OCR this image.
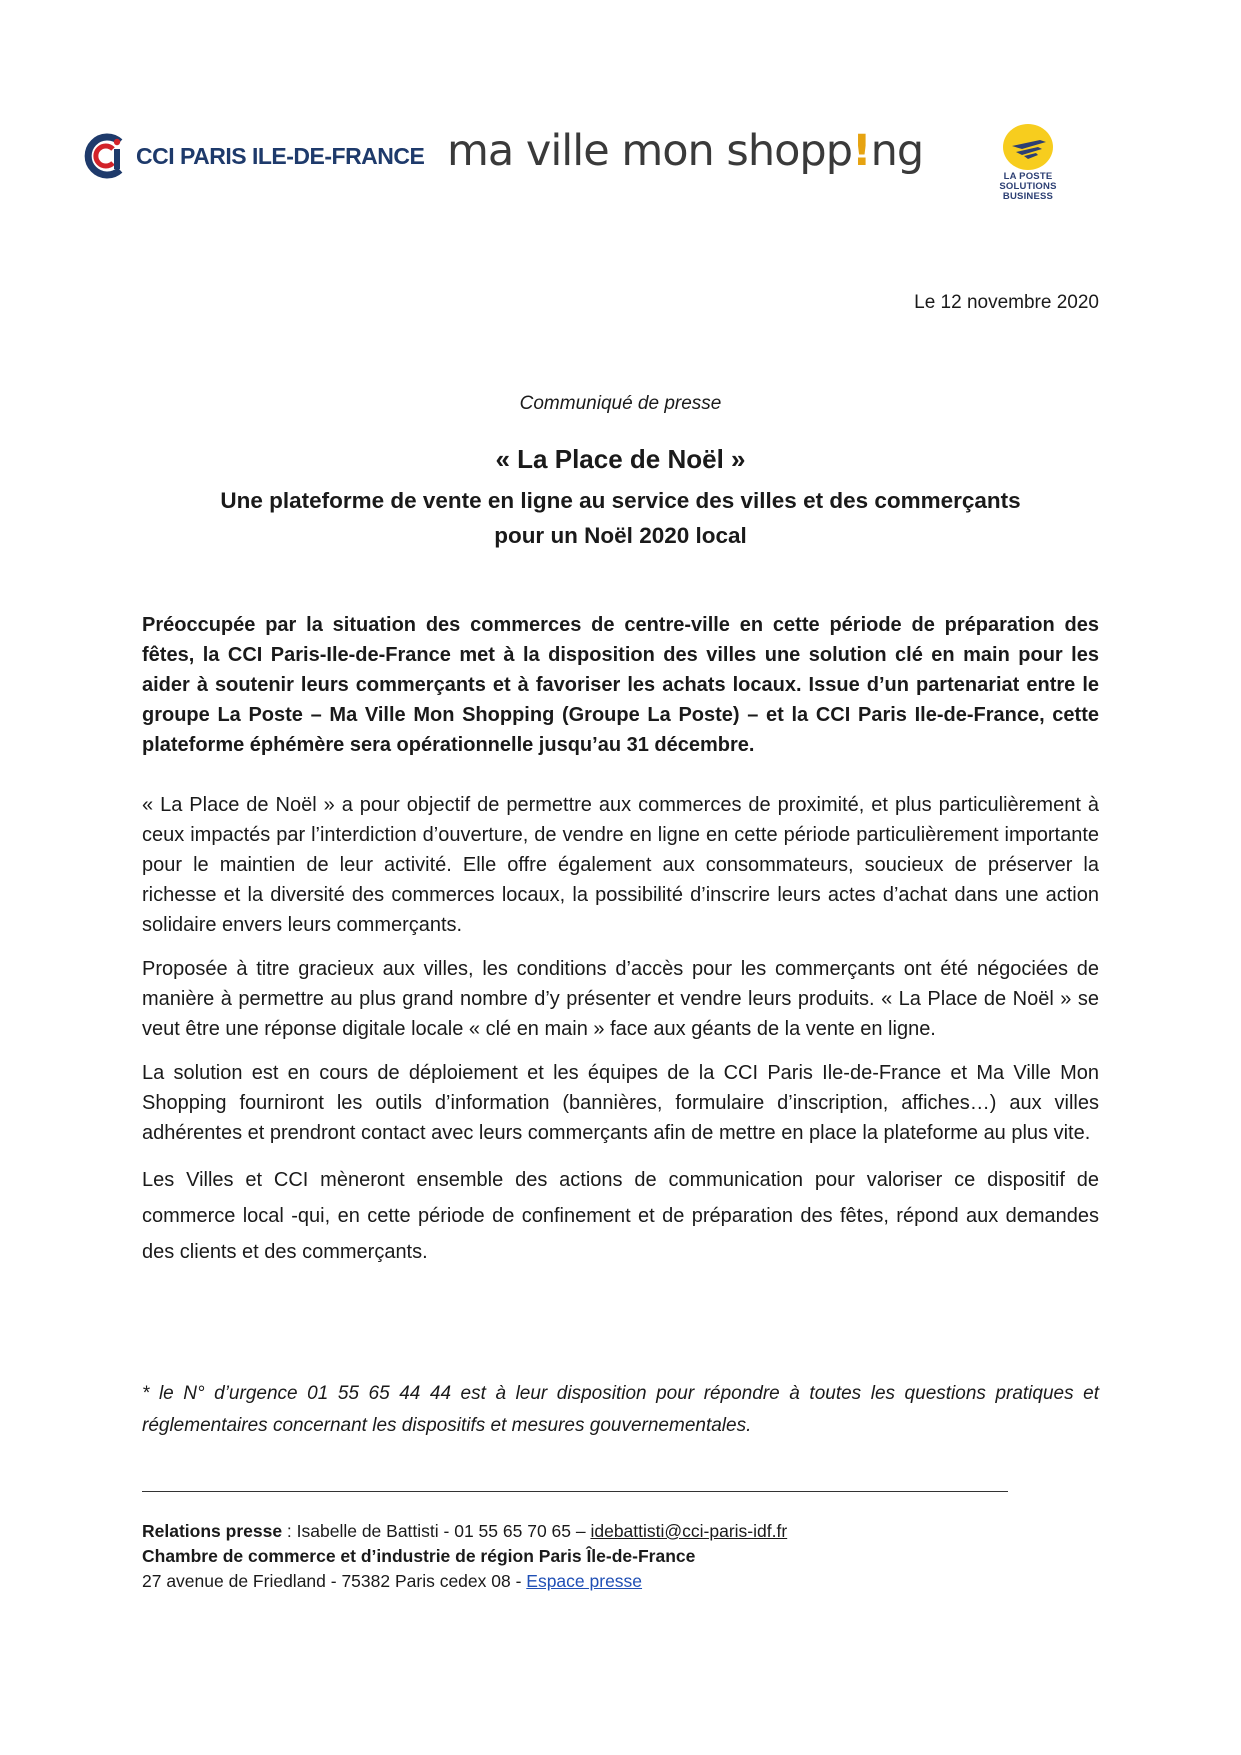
CCI PARIS ILE-DE-FRANCE ma ville mon shopp!ng
LA POSTE
SOLUTIONS
BUSINESS
Le 12 novembre 2020
Communiqué de presse
« La Place de Noël »
Une plateforme de vente en ligne au service des villes et des commerçants
pour un Noël 2020 local

Préoccupée par la situation des commerces de centre-ville en cette période de préparation des fêtes, la CCI Paris-Ile-de-France met à la disposition des villes une solution clé en main pour les aider à soutenir leurs commerçants et à favoriser les achats locaux. Issue d’un partenariat entre le groupe La Poste – Ma Ville Mon Shopping (Groupe La Poste) – et la CCI Paris Ile-de-France, cette plateforme éphémère sera opérationnelle jusqu’au 31 décembre.

« La Place de Noël » a pour objectif de permettre aux commerces de proximité, et plus particulièrement à ceux impactés par l’interdiction d’ouverture, de vendre en ligne en cette période particulièrement importante pour le maintien de leur activité. Elle offre également aux consommateurs, soucieux de préserver la richesse et la diversité des commerces locaux, la possibilité d’inscrire leurs actes d’achat dans une action solidaire envers leurs commerçants.

Proposée à titre gracieux aux villes, les conditions d’accès pour les commerçants ont été négociées de manière à permettre au plus grand nombre d’y présenter et vendre leurs produits. « La Place de Noël » se veut être une réponse digitale locale « clé en main » face aux géants de la vente en ligne.

La solution est en cours de déploiement et les équipes de la CCI Paris Ile-de-France et Ma Ville Mon Shopping fourniront les outils d’information (bannières, formulaire d’inscription, affiches…) aux villes adhérentes et prendront contact avec leurs commerçants afin de mettre en place la plateforme au plus vite.

Les Villes et CCI mèneront ensemble des actions de communication pour valoriser ce dispositif de commerce local -qui, en cette période de confinement et de préparation des fêtes, répond aux demandes des clients et des commerçants.

* le N° d’urgence 01 55 65 44 44 est à leur disposition pour répondre à toutes les questions pratiques et réglementaires concernant les dispositifs et mesures gouvernementales.
Relations presse : Isabelle de Battisti - 01 55 65 70 65 – idebattisti@cci-paris-idf.fr
Chambre de commerce et d’industrie de région Paris Île-de-France
27 avenue de Friedland - 75382 Paris cedex 08 - Espace presse
